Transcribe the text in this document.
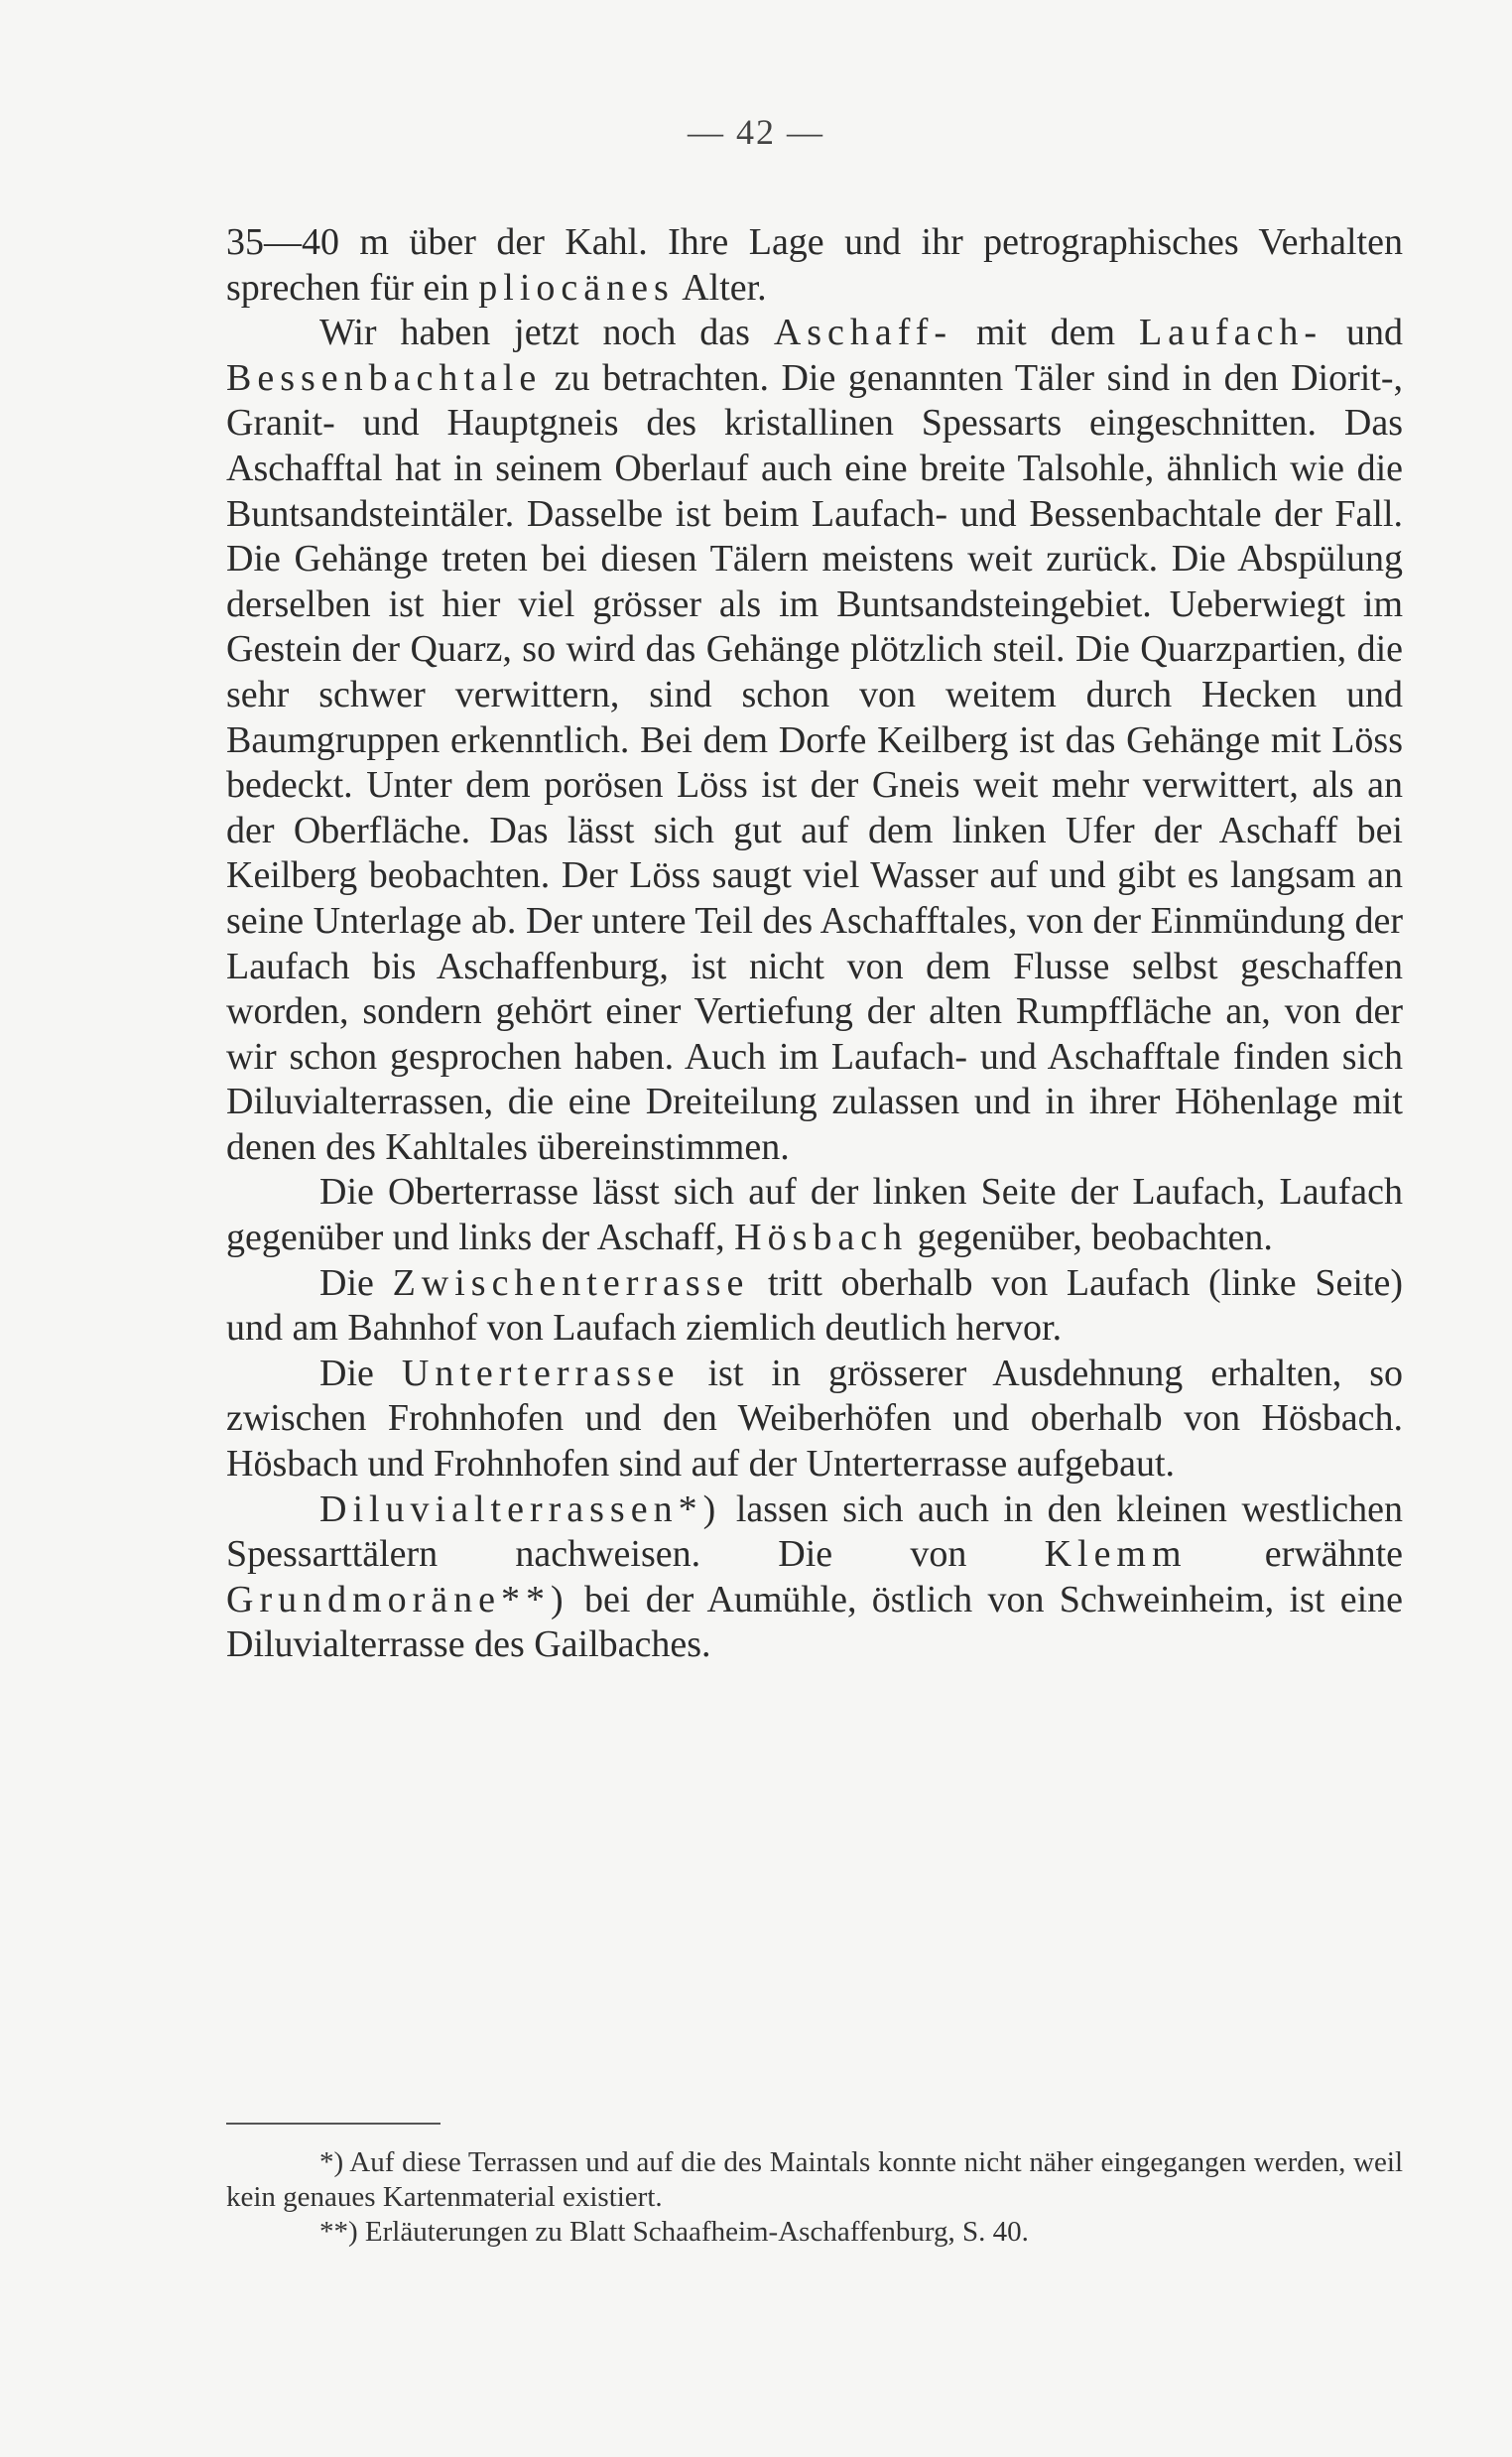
— 42 —

35—40 m über der Kahl. Ihre Lage und ihr petrographisches Verhalten sprechen für ein pliocänes Alter.

Wir haben jetzt noch das Aschaff- mit dem Laufach- und Bessenbachtale zu betrachten. Die genannten Täler sind in den Diorit-, Granit- und Hauptgneis des kristallinen Spessarts eingeschnitten. Das Aschafftal hat in seinem Oberlauf auch eine breite Talsohle, ähnlich wie die Buntsandsteintäler. Dasselbe ist beim Laufach- und Bessenbachtale der Fall. Die Gehänge treten bei diesen Tälern meistens weit zurück. Die Abspülung derselben ist hier viel grösser als im Buntsandsteingebiet. Ueberwiegt im Gestein der Quarz, so wird das Gehänge plötzlich steil. Die Quarzpartien, die sehr schwer verwittern, sind schon von weitem durch Hecken und Baumgruppen erkenntlich. Bei dem Dorfe Keilberg ist das Gehänge mit Löss bedeckt. Unter dem porösen Löss ist der Gneis weit mehr verwittert, als an der Oberfläche. Das lässt sich gut auf dem linken Ufer der Aschaff bei Keilberg beobachten. Der Löss saugt viel Wasser auf und gibt es langsam an seine Unterlage ab. Der untere Teil des Aschafftales, von der Einmündung der Laufach bis Aschaffenburg, ist nicht von dem Flusse selbst geschaffen worden, sondern gehört einer Vertiefung der alten Rumpffläche an, von der wir schon gesprochen haben. Auch im Laufach- und Aschafftale finden sich Diluvialterrassen, die eine Dreiteilung zulassen und in ihrer Höhenlage mit denen des Kahltales übereinstimmen.

Die Oberterrasse lässt sich auf der linken Seite der Laufach, Laufach gegenüber und links der Aschaff, Hösbach gegenüber, beobachten.

Die Zwischenterrasse tritt oberhalb von Laufach (linke Seite) und am Bahnhof von Laufach ziemlich deutlich hervor.

Die Unterterrasse ist in grösserer Ausdehnung erhalten, so zwischen Frohnhofen und den Weiberhöfen und oberhalb von Hösbach. Hösbach und Frohnhofen sind auf der Unterterrasse aufgebaut.

Diluvialterrassen*) lassen sich auch in den kleinen westlichen Spessarttälern nachweisen. Die von Klemm erwähnte Grundmoräne**) bei der Aumühle, östlich von Schweinheim, ist eine Diluvialterrasse des Gailbaches.

*) Auf diese Terrassen und auf die des Maintals konnte nicht näher eingegangen werden, weil kein genaues Kartenmaterial existiert.

**) Erläuterungen zu Blatt Schaafheim-Aschaffenburg, S. 40.
